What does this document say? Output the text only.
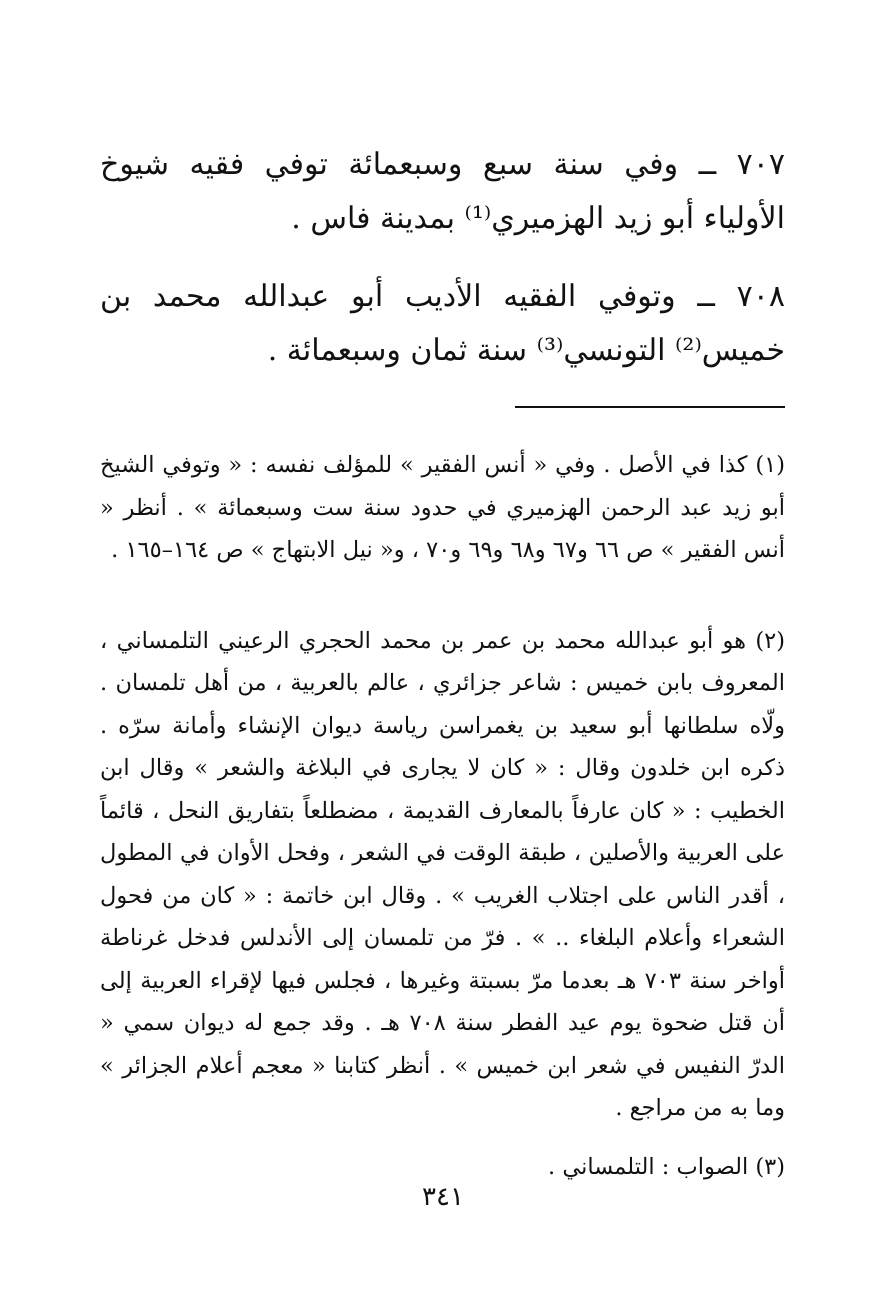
٧٠٧ ــ وفي سنة سبع وسبعمائة توفي فقيه شيوخ الأولياء أبو زيد الهزميري⁽¹⁾ بمدينة فاس .

٧٠٨ ــ وتوفي الفقيه الأديب أبو عبدالله محمد بن خميس⁽²⁾ التونسي⁽³⁾ سنة ثمان وسبعمائة .

(١) كذا في الأصل . وفي « أنس الفقير » للمؤلف نفسه : « وتوفي الشيخ أبو زيد عبد الرحمن الهزميري في حدود سنة ست وسبعمائة » . أنظر « أنس الفقير » ص ٦٦ و٦٧ و٦٨ و٦٩ و٧٠ ، و« نيل الابتهاج » ص ١٦٤–١٦٥ .

(٢) هو أبو عبدالله محمد بن عمر بن محمد الحجري الرعيني التلمساني ، المعروف بابن خميس : شاعر جزائري ، عالم بالعربية ، من أهل تلمسان . ولّاه سلطانها أبو سعيد بن يغمراسن رياسة ديوان الإنشاء وأمانة سرّه . ذكره ابن خلدون وقال : « كان لا يجارى في البلاغة والشعر » وقال ابن الخطيب : « كان عارفاً بالمعارف القديمة ، مضطلعاً بتفاريق النحل ، قائماً على العربية والأصلين ، طبقة الوقت في الشعر ، وفحل الأوان في المطول ، أقدر الناس على اجتلاب الغريب » . وقال ابن خاتمة : « كان من فحول الشعراء وأعلام البلغاء .. » . فرّ من تلمسان إلى الأندلس فدخل غرناطة أواخر سنة ٧٠٣ هـ بعدما مرّ بسبتة وغيرها ، فجلس فيها لإقراء العربية إلى أن قتل ضحوة يوم عيد الفطر سنة ٧٠٨ هـ . وقد جمع له ديوان سمي « الدرّ النفيس في شعر ابن خميس » . أنظر كتابنا « معجم أعلام الجزائر » وما به من مراجع .

(٣) الصواب : التلمساني .

٣٤١
